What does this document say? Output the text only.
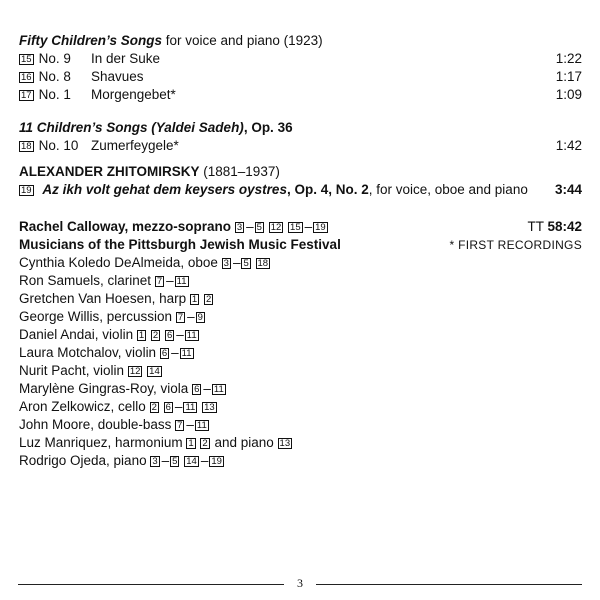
Fifty Children’s Songs for voice and piano (1923)
15 No. 9 In der Suke	1:22
16 No. 8 Shavues	1:17
17 No. 1 Morgengebet*	1:09
11 Children’s Songs (Yaldei Sadeh), Op. 36
18 No. 10 Zumerfeygele*	1:42
ALEXANDER ZHITOMIRSKY (1881–1937)
19 Az ikh volt gehat dem keysers oystres, Op. 4, No. 2, for voice, oboe and piano 3:44
Rachel Calloway, mezzo-soprano 3 – 5 12 15 – 19	TT 58:42
Musicians of the Pittsburgh Jewish Music Festival	* FIRST RECORDINGS
Cynthia Koledo DeAlmeida, oboe 3 – 5 18
Ron Samuels, clarinet 7 – 11
Gretchen Van Hoesen, harp 1 2
George Willis, percussion 7 – 9
Daniel Andai, violin 1 2 6 – 11
Laura Motchalov, violin 6 – 11
Nurit Pacht, violin 12 14
Marylène Gingras-Roy, viola 6 – 11
Aron Zelkowicz, cello 2 6 – 11 13
John Moore, double-bass 7 – 11
Luz Manriquez, harmonium 1 2 and piano 13
Rodrigo Ojeda, piano 3 – 5 14 – 19
3
